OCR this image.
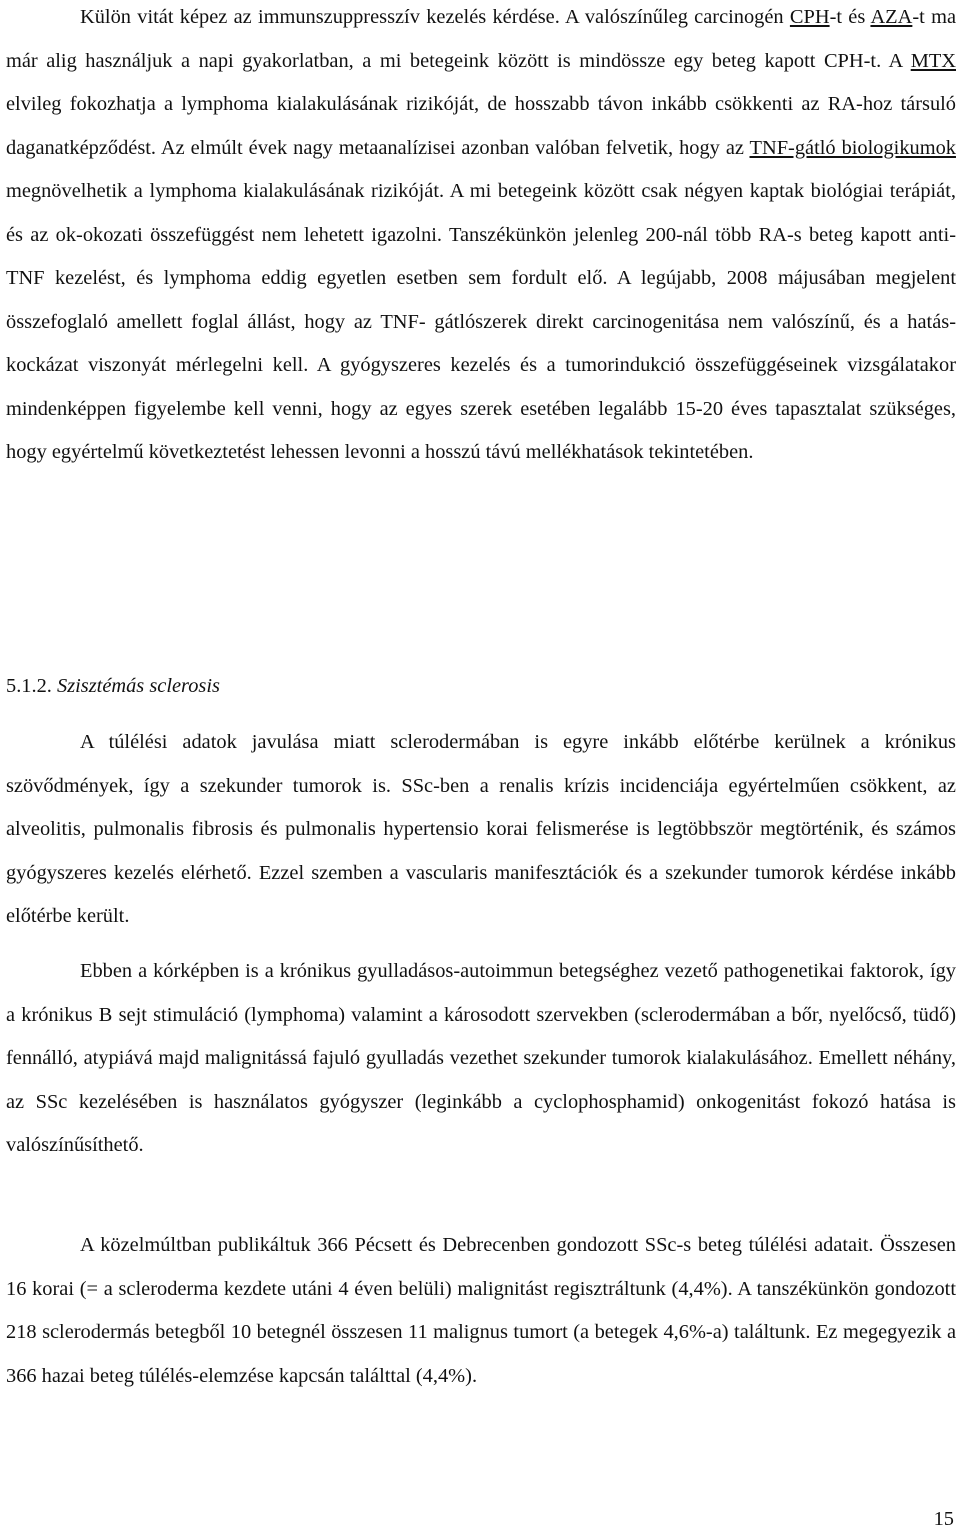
Külön vitát képez az immunszuppresszív kezelés kérdése. A valószínűleg carcinogén CPH-t és AZA-t ma már alig használjuk a napi gyakorlatban, a mi betegeink között is mindössze egy beteg kapott CPH-t. A MTX elvileg fokozhatja a lymphoma kialakulásának rizikóját, de hosszabb távon inkább csökkenti az RA-hoz társuló daganatképződést. Az elmúlt évek nagy metaanalízisei azonban valóban felvetik, hogy az TNF-gátló biologikumok megnövelhetik a lymphoma kialakulásának rizikóját. A mi betegeink között csak négyen kaptak biológiai terápiát, és az ok-okozati összefüggést nem lehetett igazolni. Tanszékünkön jelenleg 200-nál több RA-s beteg kapott anti-TNF kezelést, és lymphoma eddig egyetlen esetben sem fordult elő. A legújabb, 2008 májusában megjelent összefoglaló amellett foglal állást, hogy az TNF- gátlószerek direkt carcinogenitása nem valószínű, és a hatás-kockázat viszonyát mérlegelni kell. A gyógyszeres kezelés és a tumorindukció összefüggéseinek vizsgálatakor mindenképpen figyelembe kell venni, hogy az egyes szerek esetében legalább 15-20 éves tapasztalat szükséges, hogy egyértelmű következtetést lehessen levonni a hosszú távú mellékhatások tekintetében.

5.1.2. Szisztémás sclerosis

A túlélési adatok javulása miatt sclerodermában is egyre inkább előtérbe kerülnek a krónikus szövődmények, így a szekunder tumorok is. SSc-ben a renalis krízis incidenciája egyértelműen csökkent, az alveolitis, pulmonalis fibrosis és pulmonalis hypertensio korai felismerése is legtöbbször megtörténik, és számos gyógyszeres kezelés elérhető. Ezzel szemben a vascularis manifesztációk és a szekunder tumorok kérdése inkább előtérbe került.

Ebben a kórképben is a krónikus gyulladásos-autoimmun betegséghez vezető pathogenetikai faktorok, így a krónikus B sejt stimuláció (lymphoma) valamint a károsodott szervekben (sclerodermában a bőr, nyelőcső, tüdő) fennálló, atypiává majd malignitássá fajuló gyulladás vezethet szekunder tumorok kialakulásához. Emellett néhány, az SSc kezelésében is használatos gyógyszer (leginkább a cyclophosphamid) onkogenitást fokozó hatása is valószínűsíthető.

A közelmúltban publikáltuk 366 Pécsett és Debrecenben gondozott SSc-s beteg túlélési adatait. Összesen 16 korai (= a scleroderma kezdete utáni 4 éven belüli) malignitást regisztráltunk (4,4%). A tanszékünkön gondozott 218 sclerodermás betegből 10 betegnél összesen 11 malignus tumort (a betegek 4,6%-a) találtunk. Ez megegyezik a 366 hazai beteg túlélés-elemzése kapcsán találttal (4,4%).

15
